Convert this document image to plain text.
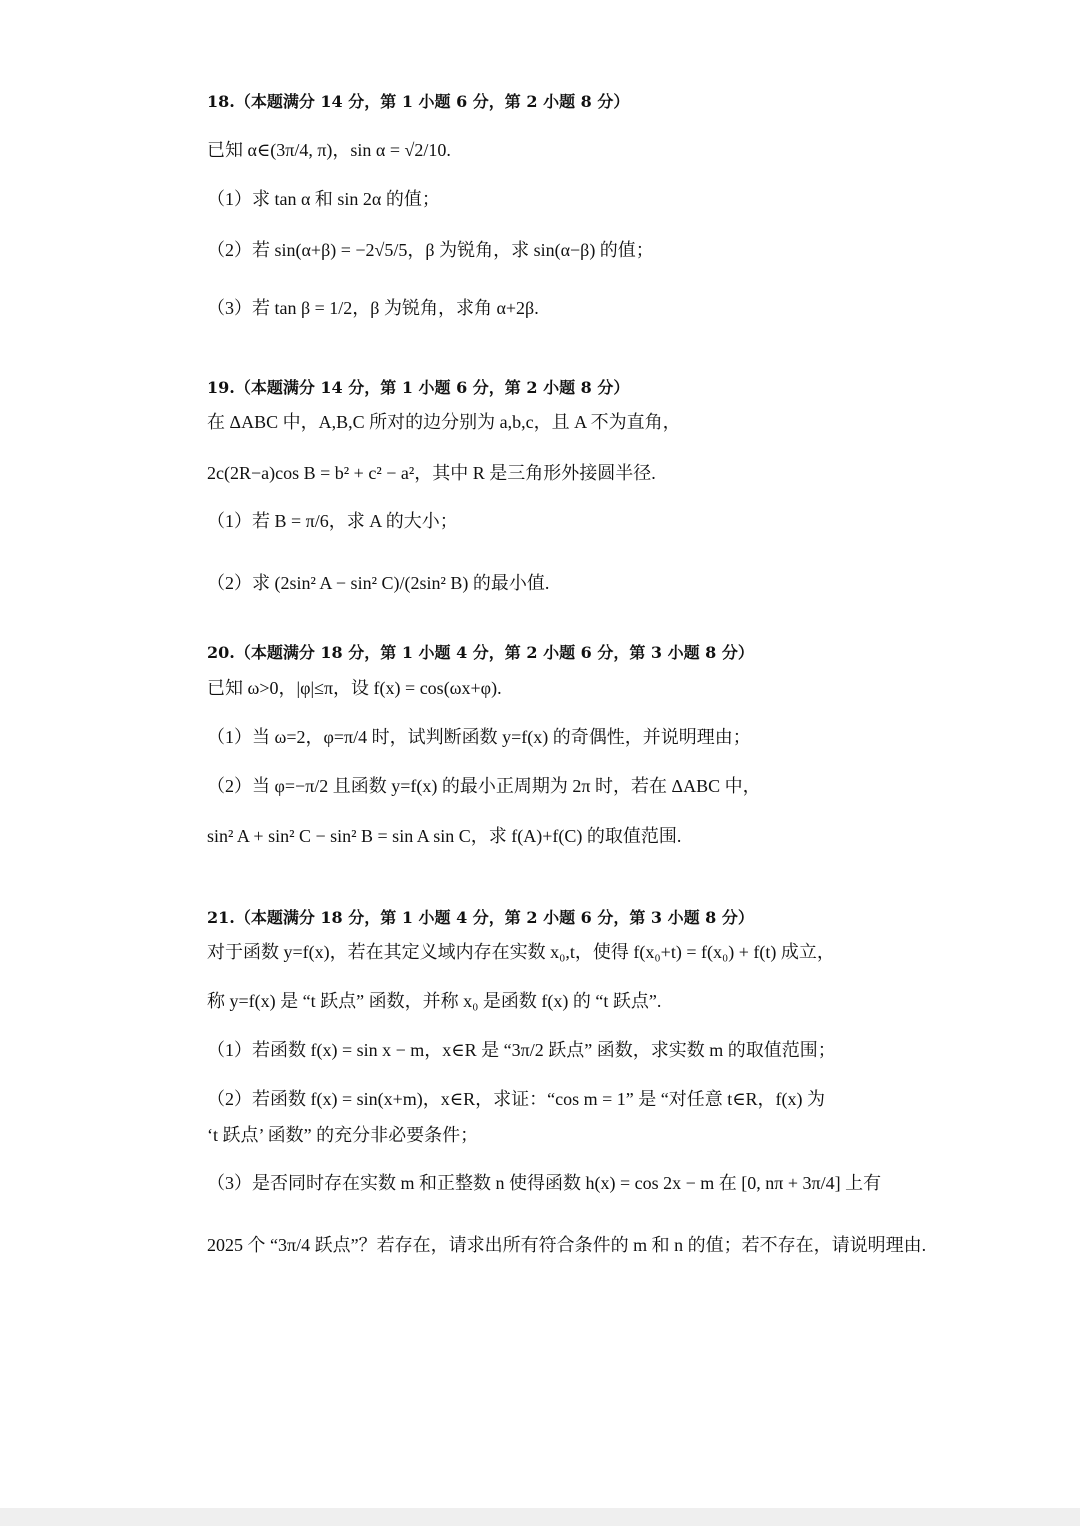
18.（本题满分 14 分，第 1 小题 6 分，第 2 小题 8 分）
已知 α∈(3π/4, π)，sin α = √2/10.
（1）求 tan α 和 sin 2α 的值；
（2）若 sin(α+β) = −2√5/5，β 为锐角，求 sin(α−β) 的值；
（3）若 tan β = 1/2，β 为锐角，求角 α+2β.
19.（本题满分 14 分，第 1 小题 6 分，第 2 小题 8 分）
在 ΔABC 中，A,B,C 所对的边分别为 a,b,c，且 A 不为直角，
2c(2R−a)cos B = b² + c² − a²，其中 R 是三角形外接圆半径.
（1）若 B = π/6，求 A 的大小；
（2）求 (2sin² A − sin² C)/(2sin² B) 的最小值.
20.（本题满分 18 分，第 1 小题 4 分，第 2 小题 6 分，第 3 小题 8 分）
已知 ω>0，|φ|≤π，设 f(x) = cos(ωx+φ).
（1）当 ω=2，φ=π/4 时，试判断函数 y=f(x) 的奇偶性，并说明理由；
（2）当 φ=−π/2 且函数 y=f(x) 的最小正周期为 2π 时，若在 ΔABC 中，
sin² A + sin² C − sin² B = sin A sin C，求 f(A)+f(C) 的取值范围.
21.（本题满分 18 分，第 1 小题 4 分，第 2 小题 6 分，第 3 小题 8 分）
对于函数 y=f(x)，若在其定义域内存在实数 x₀,t，使得 f(x₀+t) = f(x₀) + f(t) 成立，
称 y=f(x) 是 “t 跃点” 函数，并称 x₀ 是函数 f(x) 的 “t 跃点”.
（1）若函数 f(x) = sin x − m，x∈R 是 “3π/2 跃点” 函数，求实数 m 的取值范围；
（2）若函数 f(x) = sin(x+m)，x∈R，求证：“cos m = 1” 是 “对任意 t∈R，f(x) 为
‘t 跃点’ 函数” 的充分非必要条件；
（3）是否同时存在实数 m 和正整数 n 使得函数 h(x) = cos 2x − m 在 [0, nπ + 3π/4] 上有
2025 个 “3π/4 跃点”？若存在，请求出所有符合条件的 m 和 n 的值；若不存在，请说明理由.
